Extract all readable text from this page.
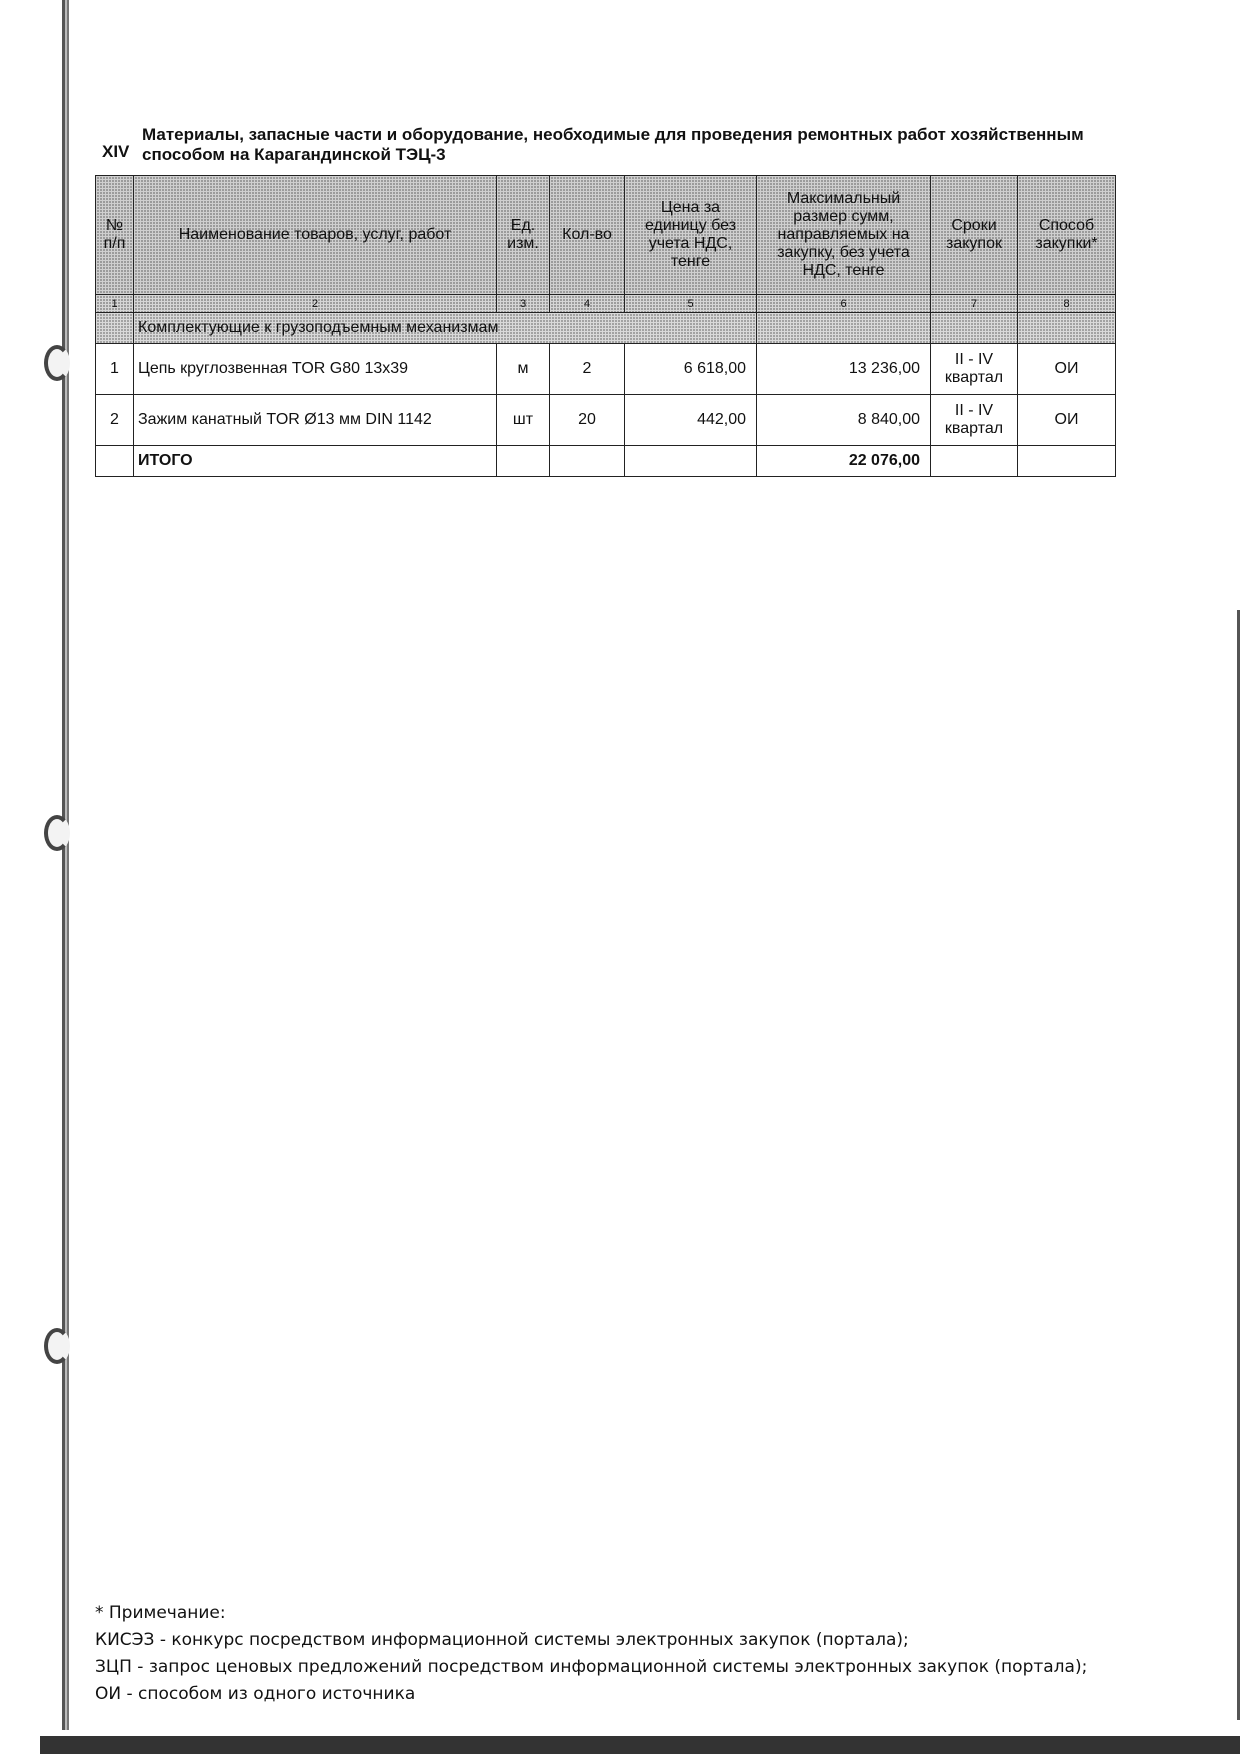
XIV
Материалы, запасные части и оборудование, необходимые для проведения ремонтных работ хозяйственным способом на Карагандинской ТЭЦ-3
№ п/п	Наименование товаров, услуг, работ	Ед. изм.	Кол-во	Цена за единицу без учета НДС, тенге	Максимальный размер сумм, направляемых на закупку, без учета НДС, тенге	Сроки закупок	Способ закупки*
1	2	3	4	5	6	7	8
	Комплектующие к грузоподъемным механизмам						
1	Цепь круглозвенная TOR G80 13x39	м	2	6 618,00	13 236,00	II - IV квартал	ОИ
2	Зажим канатный TOR Ø13 мм DIN 1142	шт	20	442,00	8 840,00	II - IV квартал	ОИ
	ИТОГО				22 076,00		
* Примечание:
КИСЭЗ - конкурс посредством информационной системы электронных закупок (портала);
ЗЦП - запрос ценовых предложений посредством информационной системы электронных закупок (портала);
ОИ - способом из одного источника
